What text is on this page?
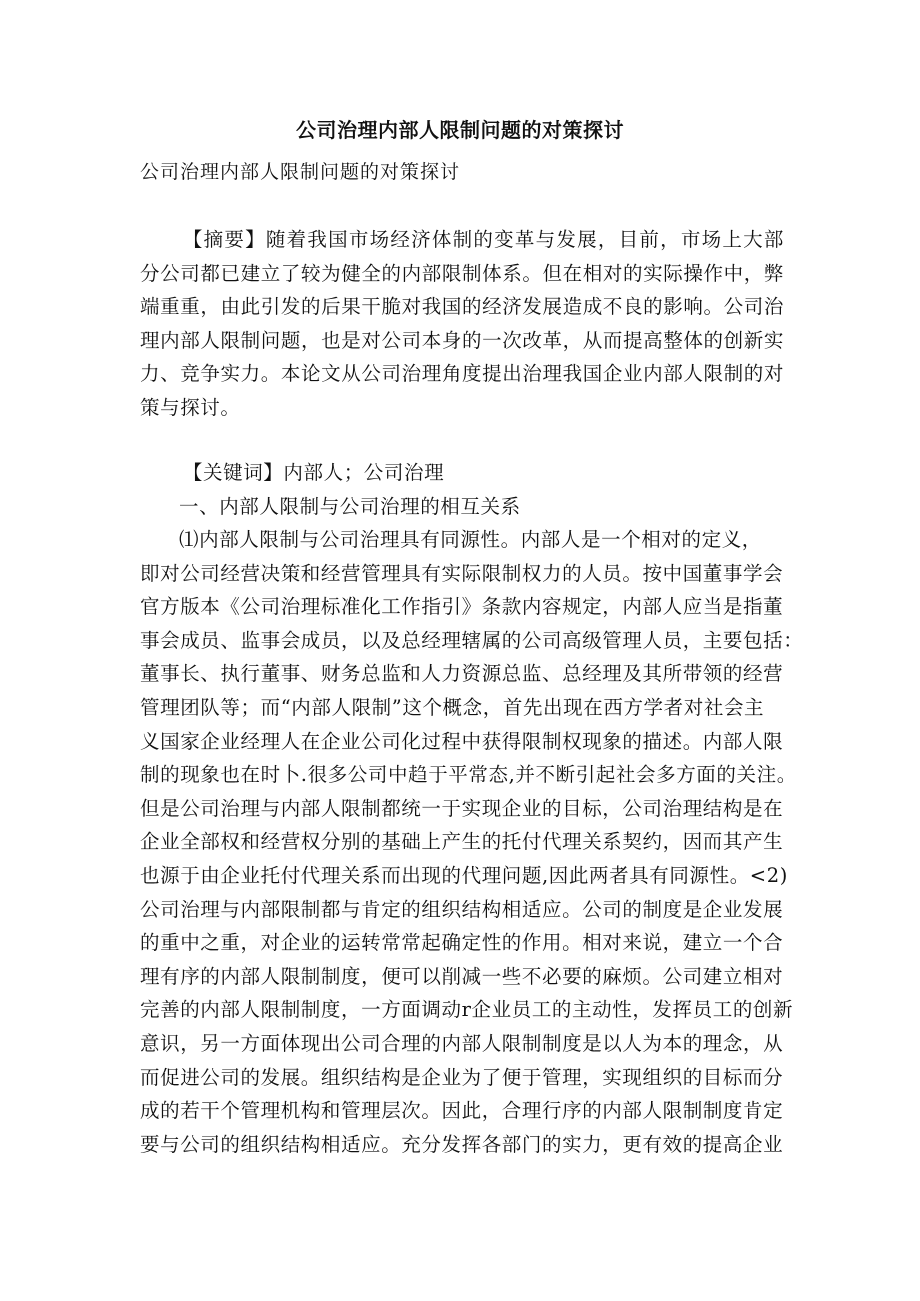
公司治理内部人限制问题的对策探讨
公司治理内部人限制问题的对策探讨

【摘要】随着我国市场经济体制的变革与发展，目前，市场上大部分公司都已建立了较为健全的内部限制体系。但在相对的实际操作中，弊端重重，由此引发的后果干脆对我国的经济发展造成不良的影响。公司治理内部人限制问题，也是对公司本身的一次改革，从而提高整体的创新实力、竞争实力。本论文从公司治理角度提出治理我国企业内部人限制的对策与探讨。

【关键词】内部人；公司治理

一、内部人限制与公司治理的相互关系

⑴内部人限制与公司治理具有同源性。内部人是一个相对的定义，
即对公司经营决策和经营管理具有实际限制权力的人员。按中国董事学会
官方版本《公司治理标准化工作指引》条款内容规定，内部人应当是指董
事会成员、监事会成员，以及总经理辖属的公司高级管理人员，主要包括：
董事长、执行董事、财务总监和人力资源总监、总经理及其所带领的经营
管理团队等；而“内部人限制”这个概念，首先出现在西方学者对社会主
义国家企业经理人在企业公司化过程中获得限制权现象的描述。内部人限
制的现象也在时卜.很多公司中趋于平常态,并不断引起社会多方面的关注。
但是公司治理与内部人限制都统一于实现企业的目标，公司治理结构是在
企业全部权和经营权分别的基础上产生的托付代理关系契约，因而其产生
也源于由企业托付代理关系而出现的代理问题,因此两者具有同源性。<2)
公司治理与内部限制都与肯定的组织结构相适应。公司的制度是企业发展
的重中之重，对企业的运转常常起确定性的作用。相对来说，建立一个合
理有序的内部人限制制度，便可以削减一些不必要的麻烦。公司建立相对
完善的内部人限制制度，一方面调动r企业员工的主动性，发挥员工的创新
意识，另一方面体现出公司合理的内部人限制制度是以人为本的理念，从
而促进公司的发展。组织结构是企业为了便于管理，实现组织的目标而分
成的若干个管理机构和管理层次。因此，合理行序的内部人限制制度肯定
要与公司的组织结构相适应。充分发挥各部门的实力，更有效的提高企业
